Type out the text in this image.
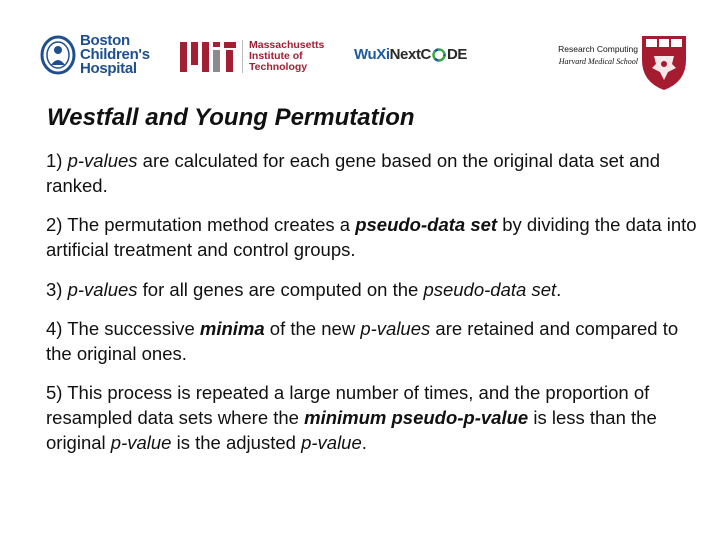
Boston
Children's
Hospital
Massachusetts
Institute of
Technology
WuXi NextC DE	Research Computing
Harvard Medical School
Westfall and Young Permutation

1) p-values are calculated for each gene based on the original data set and ranked.

2) The permutation method creates a pseudo-data set by dividing the data into artificial treatment and control groups.

3) p-values for all genes are computed on the pseudo-data set.

4) The successive minima of the new p-values are retained and compared to the original ones.

5) This process is repeated a large number of times, and the proportion of resampled data sets where the minimum pseudo-p-value is less than the original p-value is the adjusted p-value.
